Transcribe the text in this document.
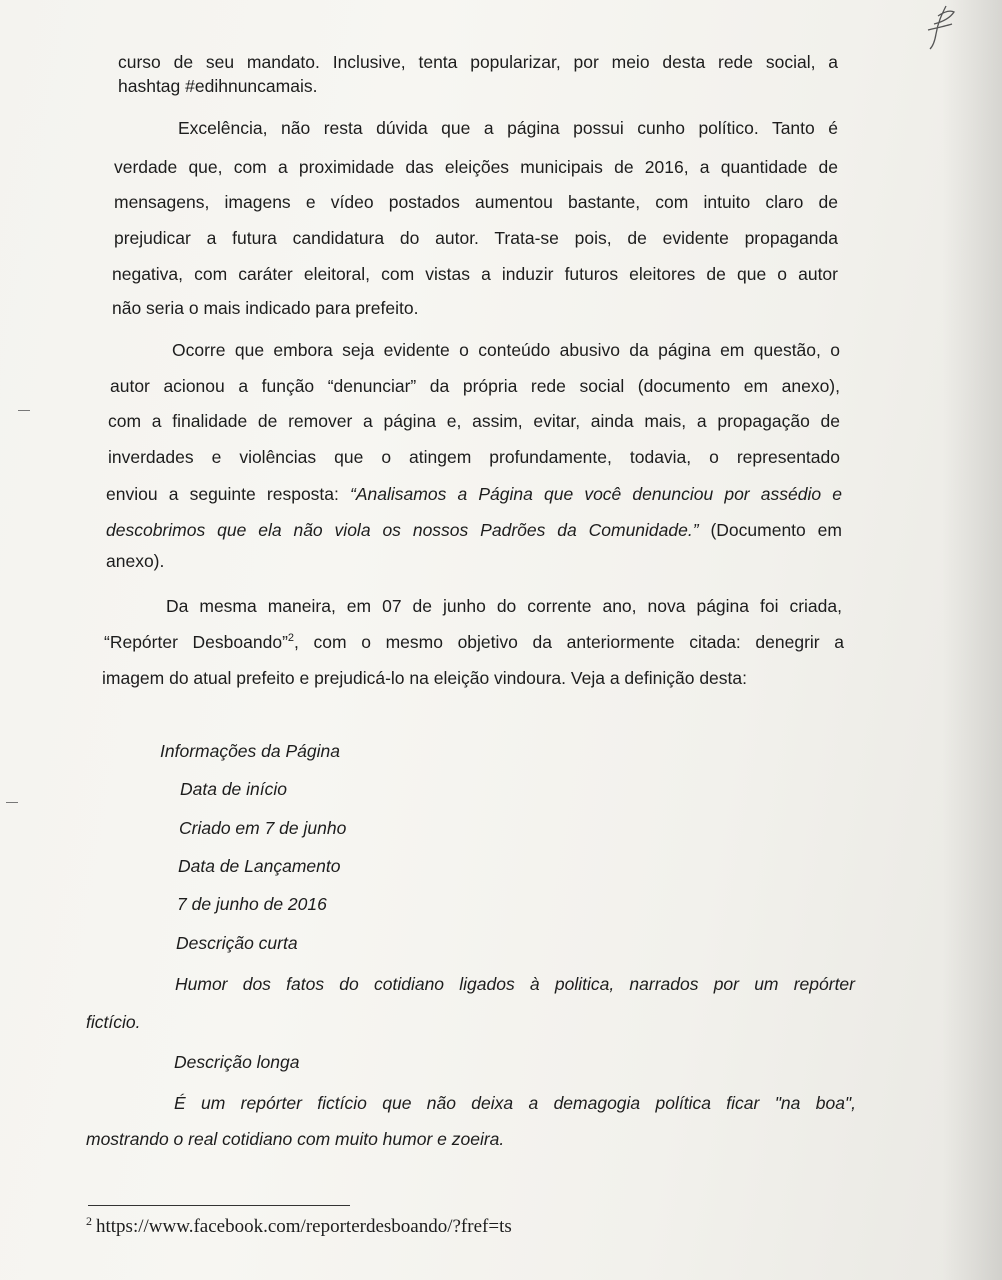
curso de seu mandato. Inclusive, tenta popularizar, por meio desta rede social, a
hashtag #edihnuncamais.
Excelência, não resta dúvida que a página possui cunho político. Tanto é
verdade que, com a proximidade das eleições municipais de 2016, a quantidade de
mensagens, imagens e vídeo postados aumentou bastante, com intuito claro de
prejudicar a futura candidatura do autor. Trata-se pois, de evidente propaganda
negativa, com caráter eleitoral, com vistas a induzir futuros eleitores de que o autor
não seria o mais indicado para prefeito.
Ocorre que embora seja evidente o conteúdo abusivo da página em questão, o
autor acionou a função “denunciar” da própria rede social (documento em anexo),
com a finalidade de remover a página e, assim, evitar, ainda mais, a propagação de
inverdades e violências que o atingem profundamente, todavia, o representado
enviou a seguinte resposta: “Analisamos a Página que você denunciou por assédio e
descobrimos que ela não viola os nossos Padrões da Comunidade.” (Documento em
anexo).
Da mesma maneira, em 07 de junho do corrente ano, nova página foi criada,
“Repórter Desboando”$^2$, com o mesmo objetivo da anteriormente citada: denegrir a
imagem do atual prefeito e prejudicá-lo na eleição vindoura. Veja a definição desta:
Informações da Página
Data de início
Criado em 7 de junho
Data de Lançamento
7 de junho de 2016
Descrição curta
Humor dos fatos do cotidiano ligados à politica, narrados por um repórter
fictício.
Descrição longa
É um repórter fictício que não deixa a demagogia política ficar "na boa",
mostrando o real cotidiano com muito humor e zoeira.
$^2$ https://www.facebook.com/reporterdesboando/?fref=ts
